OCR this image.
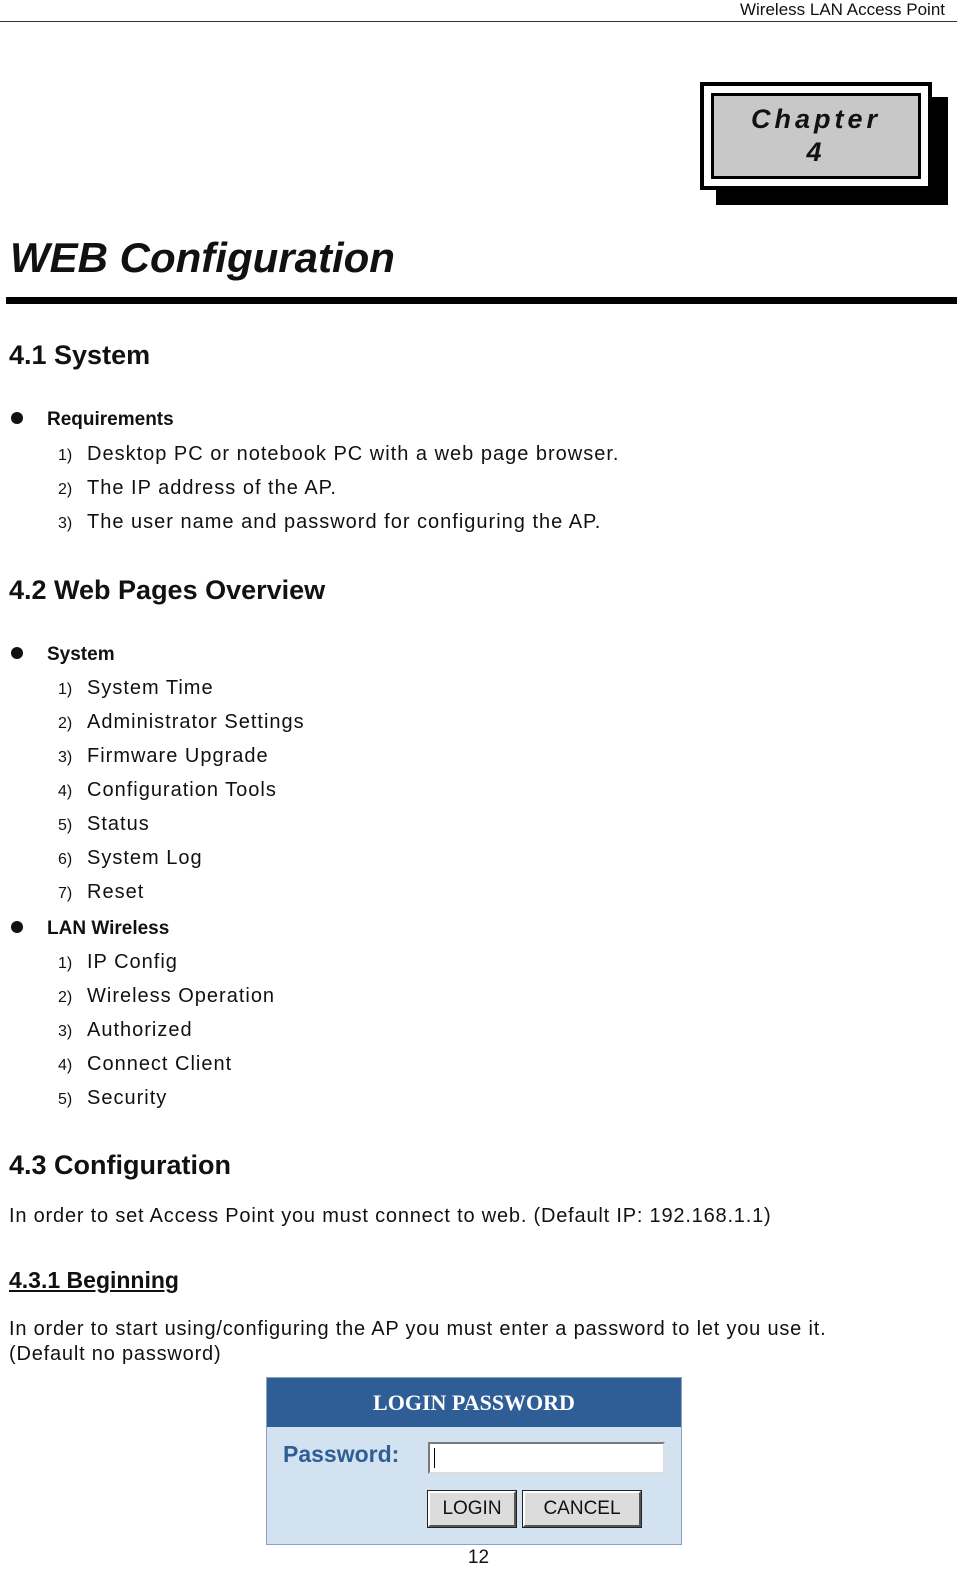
Wireless LAN Access Point
Chapter
4
WEB Configuration
4.1 System
Requirements
1) Desktop PC or notebook PC with a web page browser.
2) The IP address of the AP.
3) The user name and password for configuring the AP.
4.2 Web Pages Overview
System
1) System Time
2) Administrator Settings
3) Firmware Upgrade
4) Configuration Tools
5) Status
6) System Log
7) Reset
LAN Wireless
1) IP Config
2) Wireless Operation
3) Authorized
4) Connect Client
5) Security
4.3 Configuration
In order to set Access Point you must connect to web. (Default IP: 192.168.1.1)
4.3.1 Beginning
In order to start using/configuring the AP you must enter a password to let you use it.
(Default no password)
LOGIN PASSWORD
Password:
LOGIN	CANCEL
12
